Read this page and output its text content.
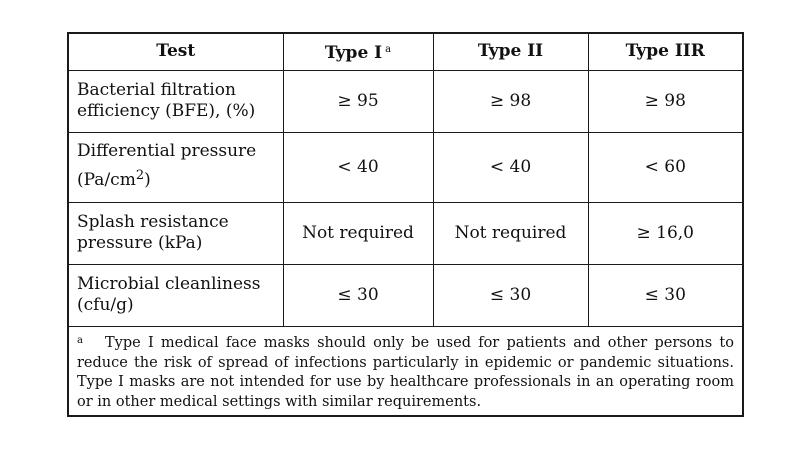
Test	Type I $^a$	Type II	Type IIR
Bacterial filtration
efficiency (BFE), (%)	≥ 95	≥ 98	≥ 98
Differential pressure
$(Pa/cm^2)$	< 40	< 40	< 60
Splash resistance
pressure (kPa)	Not required	Not required	≥ 16,0
Microbial cleanliness
(cfu/g)	≤ 30	≤ 30	≤ 30
a Type I medical face masks should only be used for patients and other persons to reduce the risk of spread of infections particularly in epidemic or pandemic situations. Type I masks are not intended for use by healthcare professionals in an operating room or in other medical settings with similar requirements.
